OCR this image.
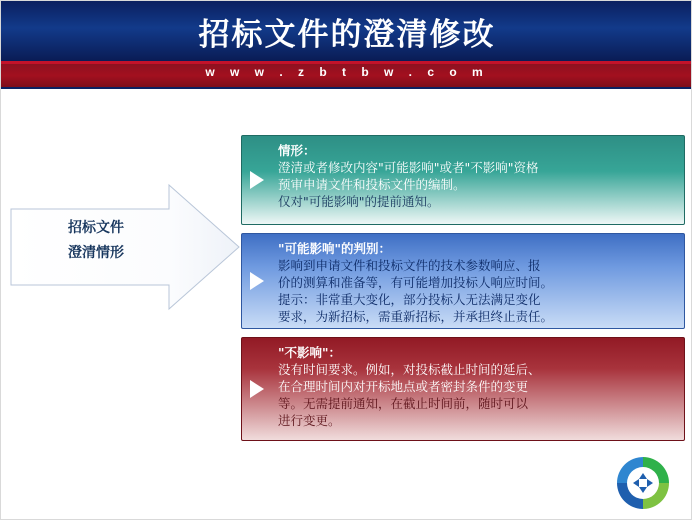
招标文件的澄清修改
w w w . z b t b w . c o m
招标文件
澄清情形

情形：

澄清或者修改内容"可能影响"或者"不影响"资格

预审申请文件和投标文件的编制。

仅对"可能影响"的提前通知。

"可能影响"的判别：

影响到申请文件和投标文件的技术参数响应、报

价的测算和准备等，有可能增加投标人响应时间。

提示：非常重大变化，部分投标人无法满足变化

要求，为新招标，需重新招标，并承担终止责任。

"不影响"：

没有时间要求。例如，对投标截止时间的延后、

在合理时间内对开标地点或者密封条件的变更

等。无需提前通知，在截止时间前，随时可以

进行变更。
